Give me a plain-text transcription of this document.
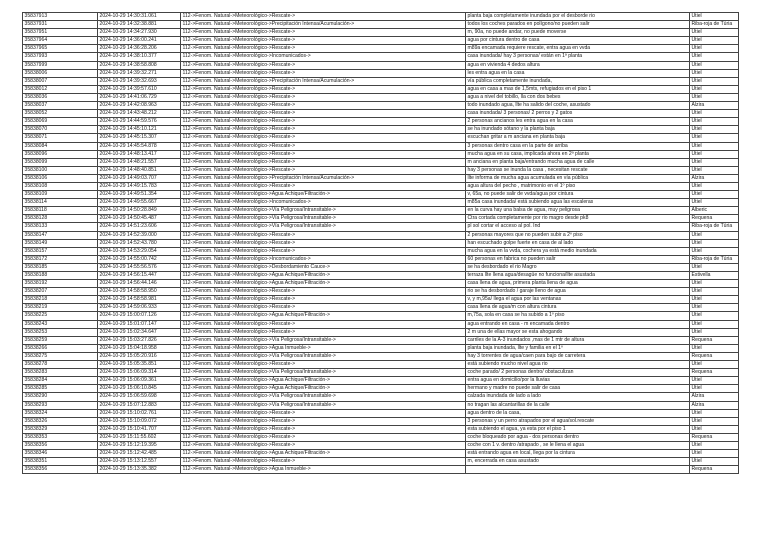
35837913	2024-10-29 14:30:31.061	112->Fenom. Natural->Meteorológico->Rescate->	planta baja completamente inundada por el desborde rio	Utiel
35837931	2024-10-29 14:32:38.881	112->Fenom. Natural->Meteorológico->Precipitación Intensa/Acumulación->	todos los coches parados en polígono/no pueden salir	Riba-roja de Túria
35837951	2024-10-29 14:34:27.930	112->Fenom. Natural->Meteorológico->Rescate->	m, 90a, no puede andar, no puede moverse	Utiel
35837964	2024-10-29 14:36:00.241	112->Fenom. Natural->Meteorológico->Rescate->	agua por cintura dentro de casa	Utiel
35837965	2024-10-29 14:36:28.206	112->Fenom. Natural->Meteorológico->Rescate->	m89a encamada requiere rescate, entra agua en vvda	Utiel
35837993	2024-10-29 14:38:10.377	112->Fenom. Natural->Meteorológico->Incomunicados->	casa inundada/ hay 3 personas/ están en 1ª planta	Utiel
35837999	2024-10-29 14:38:58.808	112->Fenom. Natural->Meteorológico->Rescate->	agua en vivienda 4 dedos altura	Utiel
35838006	2024-10-29 14:39:32.271	112->Fenom. Natural->Meteorológico->Rescate->	les entra agua en la casa	Utiel
35838007	2024-10-29 14:39:32.693	112->Fenom. Natural->Meteorológico->Precipitación Intensa/Acumulación->	vía pública completamente inundada,	Utiel
35838012	2024-10-29 14:39:57.610	112->Fenom. Natural->Meteorológico->Rescate->	agua en casa a mas de 1,5mts, refugiados en el piso 1	Utiel
35838036	2024-10-29 14:41:06.729	112->Fenom. Natural->Meteorológico->Rescate->	agua a nivel del tobillo, lla con dos bebes	Utiel
35838037	2024-10-29 14:42:08.963	112->Fenom. Natural->Meteorológico->Rescate->	todo inundado agua, llte ha salido del coche, asustado	Alzira
35838052	2024-10-29 14:43:48.212	112->Fenom. Natural->Meteorológico->Rescate->	casa inundada/ 3 personas/ 2 perros y 2 gatos	Utiel
35838069	2024-10-29 14:44:59.576	112->Fenom. Natural->Meteorológico->Rescate->	2 personas ancianos les entra agua en la casa	Utiel
35838070	2024-10-29 14:45:10.121	112->Fenom. Natural->Meteorológico->Rescate->	se ha inundado sótano y la planta baja	Utiel
35838071	2024-10-29 14:45:15.307	112->Fenom. Natural->Meteorológico->Rescate->	escuchan gritar a m anciana en planta baja	Utiel
35838084	2024-10-29 14:45:54.878	112->Fenom. Natural->Meteorológico->Rescate->	3 personas dentro casa en la parte de arriba	Utiel
35838096	2024-10-29 14:48:13.417	112->Fenom. Natural->Meteorológico->Rescate->	mucha agua en su casa, implicada ahora en 2ª planta	Utiel
35838099	2024-10-29 14:48:21.557	112->Fenom. Natural->Meteorológico->Rescate->	m anciana en planta baja/entrando mucha agua de calle	Utiel
35838100	2024-10-29 14:48:40.851	112->Fenom. Natural->Meteorológico->Rescate->	hay 3 personas se inunda la casa , necesitan rescate	Utiel
35838106	2024-10-29 14:49:03.707	112->Fenom. Natural->Meteorológico->Precipitación Intensa/Acumulación->	llte informa de mucha agua acumulada en vía pública	Alzira
35838108	2024-10-29 14:49:15.783	112->Fenom. Natural->Meteorológico->Rescate->	agua altura del pecho , matrimonio en el 1º piso	Utiel
35838109	2024-10-29 14:49:51.354	112->Fenom. Natural->Meteorológico->Agua Achique/Filtración->	v, 65a, no puede salir de vvda/agua por cintura	Utiel
35838114	2024-10-29 14:49:55.667	112->Fenom. Natural->Meteorológico->Incomunicados->	m85a casa inundada/ está subiendo agua las escaleras	Utiel
35838118	2024-10-29 14:50:28.849	112->Fenom. Natural->Meteorológico->Vía Peligrosa/Intransitable->	en la curva hay una balsa de agua, muy peligrosa	Alberic
35838128	2024-10-29 14:50:45.487	112->Fenom. Natural->Meteorológico->Vía Peligrosa/Intransitable->	Ctra cortada completamente por rio magro desde pk8	Requena
35838133	2024-10-29 14:51:23.606	112->Fenom. Natural->Meteorológico->Vía Peligrosa/Intransitable->	pl sol cortar el acceso al pol. Ind	Riba-roja de Túria
35838147	2024-10-29 14:52:39.000	112->Fenom. Natural->Meteorológico->Rescate->	2 personas mayores que no pueden subir a 2º piso	Utiel
35838149	2024-10-29 14:52:43.780	112->Fenom. Natural->Meteorológico->Rescate->	han escuchado golpe fuerte en casa de al lado	Utiel
35838157	2024-10-29 14:53:29.054	112->Fenom. Natural->Meteorológico->Rescate->	mucha agua en la vvda, cochera ya está medio inundada	Utiel
35838172	2024-10-29 14:55:00.742	112->Fenom. Natural->Meteorológico->Incomunicados->	60 personas en fabrica no pueden salir	Riba-roja de Túria
35838185	2024-10-29 14:55:56.576	112->Fenom. Natural->Meteorológico->Desbordamiento Cauce->	se ha desbordado el rio Magro	Utiel
35838188	2024-10-29 14:56:15.447	112->Fenom. Natural->Meteorológico->Agua Achique/Filtración->	terraza llte llena agua/desagüe no funciona/llte asustada	Estivella
35838192	2024-10-29 14:56:44.146	112->Fenom. Natural->Meteorológico->Agua Achique/Filtración->	casa llena de agua, primera planta llena de agua	Utiel
35838207	2024-10-29 14:58:58.950	112->Fenom. Natural->Meteorológico->Rescate->	rio se ha desbordado / garaje lleno de agua	Utiel
35838218	2024-10-29 14:58:58.981	112->Fenom. Natural->Meteorológico->Rescate->	v, y m,95a/ llega el agua por las ventanas	Utiel
35838219	2024-10-29 14:59:06.933	112->Fenom. Natural->Meteorológico->Rescate->	casa llena de agua/m con altura cintura	Utiel
35838225	2024-10-29 15:00:07.126	112->Fenom. Natural->Meteorológico->Agua Achique/Filtración->	m,75a, sola en casa se ha subido a 1º piso	Utiel
35838243	2024-10-29 15:01:07.147	112->Fenom. Natural->Meteorológico->Rescate->	agua entrando en casa - m encamada dentro	Utiel
35838253	2024-10-29 15:02:34.647	112->Fenom. Natural->Meteorológico->Rescate->	2 m una de ellas mayor se esta ahogando	Utiel
35838259	2024-10-29 15:03:27.826	112->Fenom. Natural->Meteorológico->Vía Peligrosa/Intransitable->	carriles de la A-3 inundados ,mas de 1 mtr de altura	Requena
35838266	2024-10-29 15:04:18.958	112->Fenom. Natural->Meteorológico->Agua Inmueble->	planta baja inundada, llte y familia en el 1º	Utiel
35838275	2024-10-29 15:05:20.916	112->Fenom. Natural->Meteorológico->Vía Peligrosa/Intransitable->	hay 3 torrentes de agua/caen para bajo de carretera	Requena
35838278	2024-10-29 15:05:35.851	112->Fenom. Natural->Meteorológico->Rescate->	está subiendo mucho nivel agua rio	Utiel
35838283	2024-10-29 15:06:09.314	112->Fenom. Natural->Meteorológico->Vía Peligrosa/Intransitable->	coche parado/ 2 personas dentro/ obstaculizan	Requena
35838284	2024-10-29 15:06:09.361	112->Fenom. Natural->Meteorológico->Agua Achique/Filtración->	entra agua en domicilio/por la lluvias	Utiel
35838285	2024-10-29 15:06:10.845	112->Fenom. Natural->Meteorológico->Agua Achique/Filtración->	hermano y madre no puede salir de casa	Utiel
35838290	2024-10-29 15:06:59.698	112->Fenom. Natural->Meteorológico->Vía Peligrosa/Intransitable->	calzada inundada de lado a lado	Alzira
35838293	2024-10-29 15:07:12.883	112->Fenom. Natural->Meteorológico->Vía Peligrosa/Intransitable->	no tragan las alcantarillas de la calle	Alzira
35838324	2024-10-29 15:10:02.761	112->Fenom. Natural->Meteorológico->Rescate->	agua dentro de la casa,	Utiel
35838326	2024-10-29 15:10:09.072	112->Fenom. Natural->Meteorológico->Rescate->	3 personas y un perro atrapados por el agua/sol.rescate	Utiel
35838329	2024-10-29 15:10:41.707	112->Fenom. Natural->Meteorológico->Rescate->	esta subiendo el agua, ya esta por el piso 1	Utiel
35838353	2024-10-29 15:11:55.602	112->Fenom. Natural->Meteorológico->Rescate->	coche bloqueado por agua - dos personas dentro	Requena
35838356	2024-10-29 15:12:19.395	112->Fenom. Natural->Meteorológico->Rescate->	coche con 1 v. dentro /atrapado , se le llena el agua	Utiel
35838346	2024-10-29 15:12:42.485	112->Fenom. Natural->Meteorológico->Agua Achique/Filtración->	está entrando agua en local, llega por la cintura	Utiel
35838351	2024-10-29 15:13:12.557	112->Fenom. Natural->Meteorológico->Rescate->	m, encerrada en casa asustado	Utiel
35838356	2024-10-29 15:13:35.382	112->Fenom. Natural->Meteorológico->Agua Inmueble->		Requena
